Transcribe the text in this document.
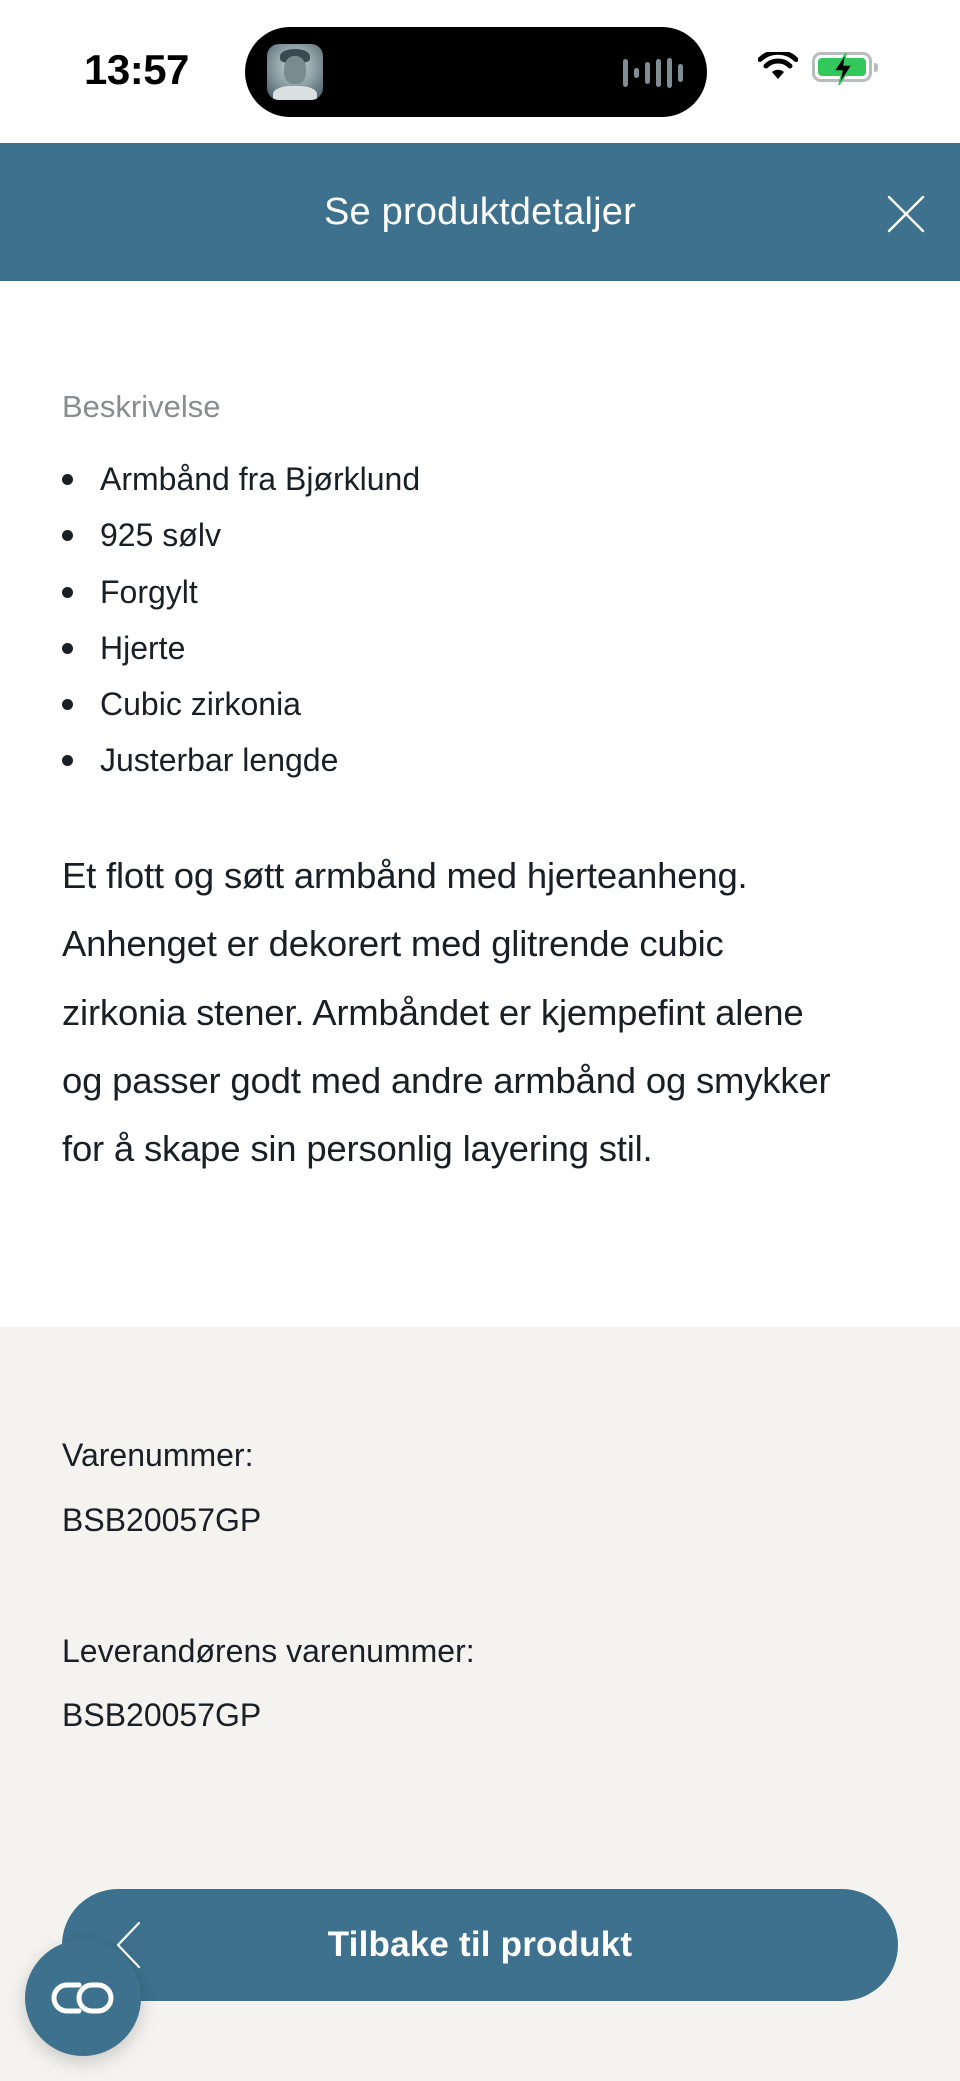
13:57
Se produktdetaljer
Beskrivelse
Armbånd fra Bjørklund
925 sølv
Forgylt
Hjerte
Cubic zirkonia
Justerbar lengde
Et flott og søtt armbånd med hjerteanheng.
Anhenget er dekorert med glitrende cubic
zirkonia stener. Armbåndet er kjempefint alene
og passer godt med andre armbånd og smykker
for å skape sin personlig layering stil.
Varenummer:
BSB20057GP
Leverandørens varenummer:
BSB20057GP
Tilbake til produkt
